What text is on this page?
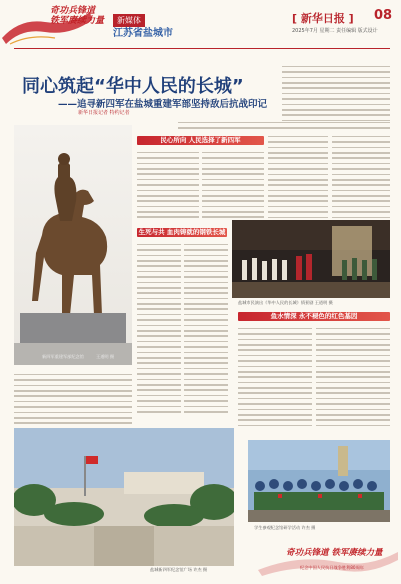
奇功兵锋道
铁军赓续力量	新媒体
江苏省盐城市
[ 新华日报 ] 08
2025年7月 星期二 责任编辑 版式设计
同心筑起“华中人民的长城”
——追寻新四军在盐城重建军部坚持敌后抗战印记
新华日报记者 特约记者
新四军重建军部纪念馆	王道明 摄
民心所向 人民选择了新四军
盐城市民演出《华中人民的长城》情景剧 王道明 摄
生死与共 血肉铸就的钢铁长城
鱼水情深 永不褪色的红色基因
盐城新四军纪念馆广场 许杰 摄
学生参观纪念馆研学活动 许杰 摄
奇功兵锋道 铁军赓续力量
纪念中国人民抗日战争胜利80周年
